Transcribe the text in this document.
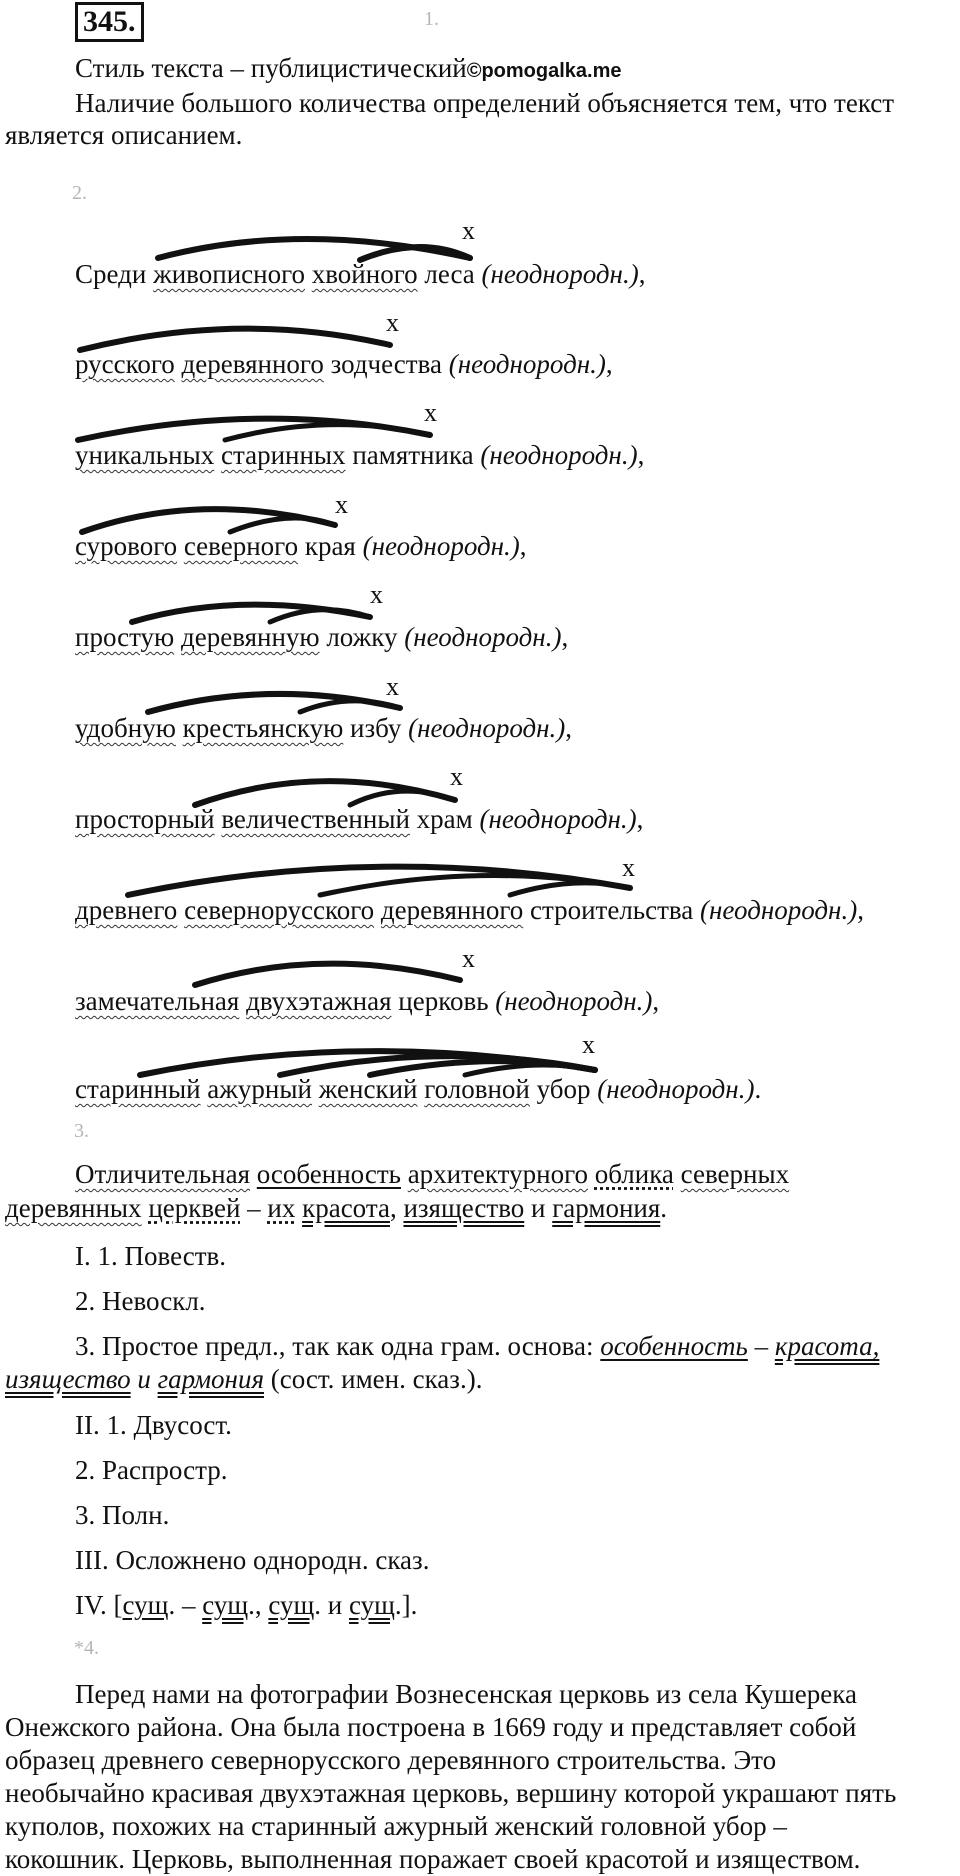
345.	1.
Стиль текста – публицистический©pomogalka.me
Наличие большого количества определений объясняется тем, что текст
является описанием.
2.
Среди живописного хвойного леса (неоднородн.),
русского деревянного зодчества (неоднородн.),
уникальных старинных памятника (неоднородн.),
сурового северного края (неоднородн.),
простую деревянную ложку (неоднородн.),
удобную крестьянскую избу (неоднородн.),
просторный величественный храм (неоднородн.),
древнего севернорусского деревянного строительства (неоднородн.),
замечательная двухэтажная церковь (неоднородн.),
старинный ажурный женский головной убор (неоднородн.).
х
х
х
х
х
х
х
х
х
х
3.
Отличительная особенность архитектурного облика северных
деревянных церквей – их красота, изящество и гармония.
I. 1. Повеств.
2. Невоскл.
3. Простое предл., так как одна грам. основа: особенность – красота,
изящество и гармония (сост. имен. сказ.).
II. 1. Двусост.
2. Распростр.
3. Полн.
III. Осложнено однородн. сказ.
IV. [сущ. – сущ., сущ. и сущ.].
*4.
Перед нами на фотографии Вознесенская церковь из села Кушерека
Онежского района. Она была построена в 1669 году и представляет собой
образец древнего севернорусского деревянного строительства. Это
необычайно красивая двухэтажная церковь, вершину которой украшают пять
куполов, похожих на старинный ажурный женский головной убор –
кокошник. Церковь, выполненная поражает своей красотой и изяществом.
